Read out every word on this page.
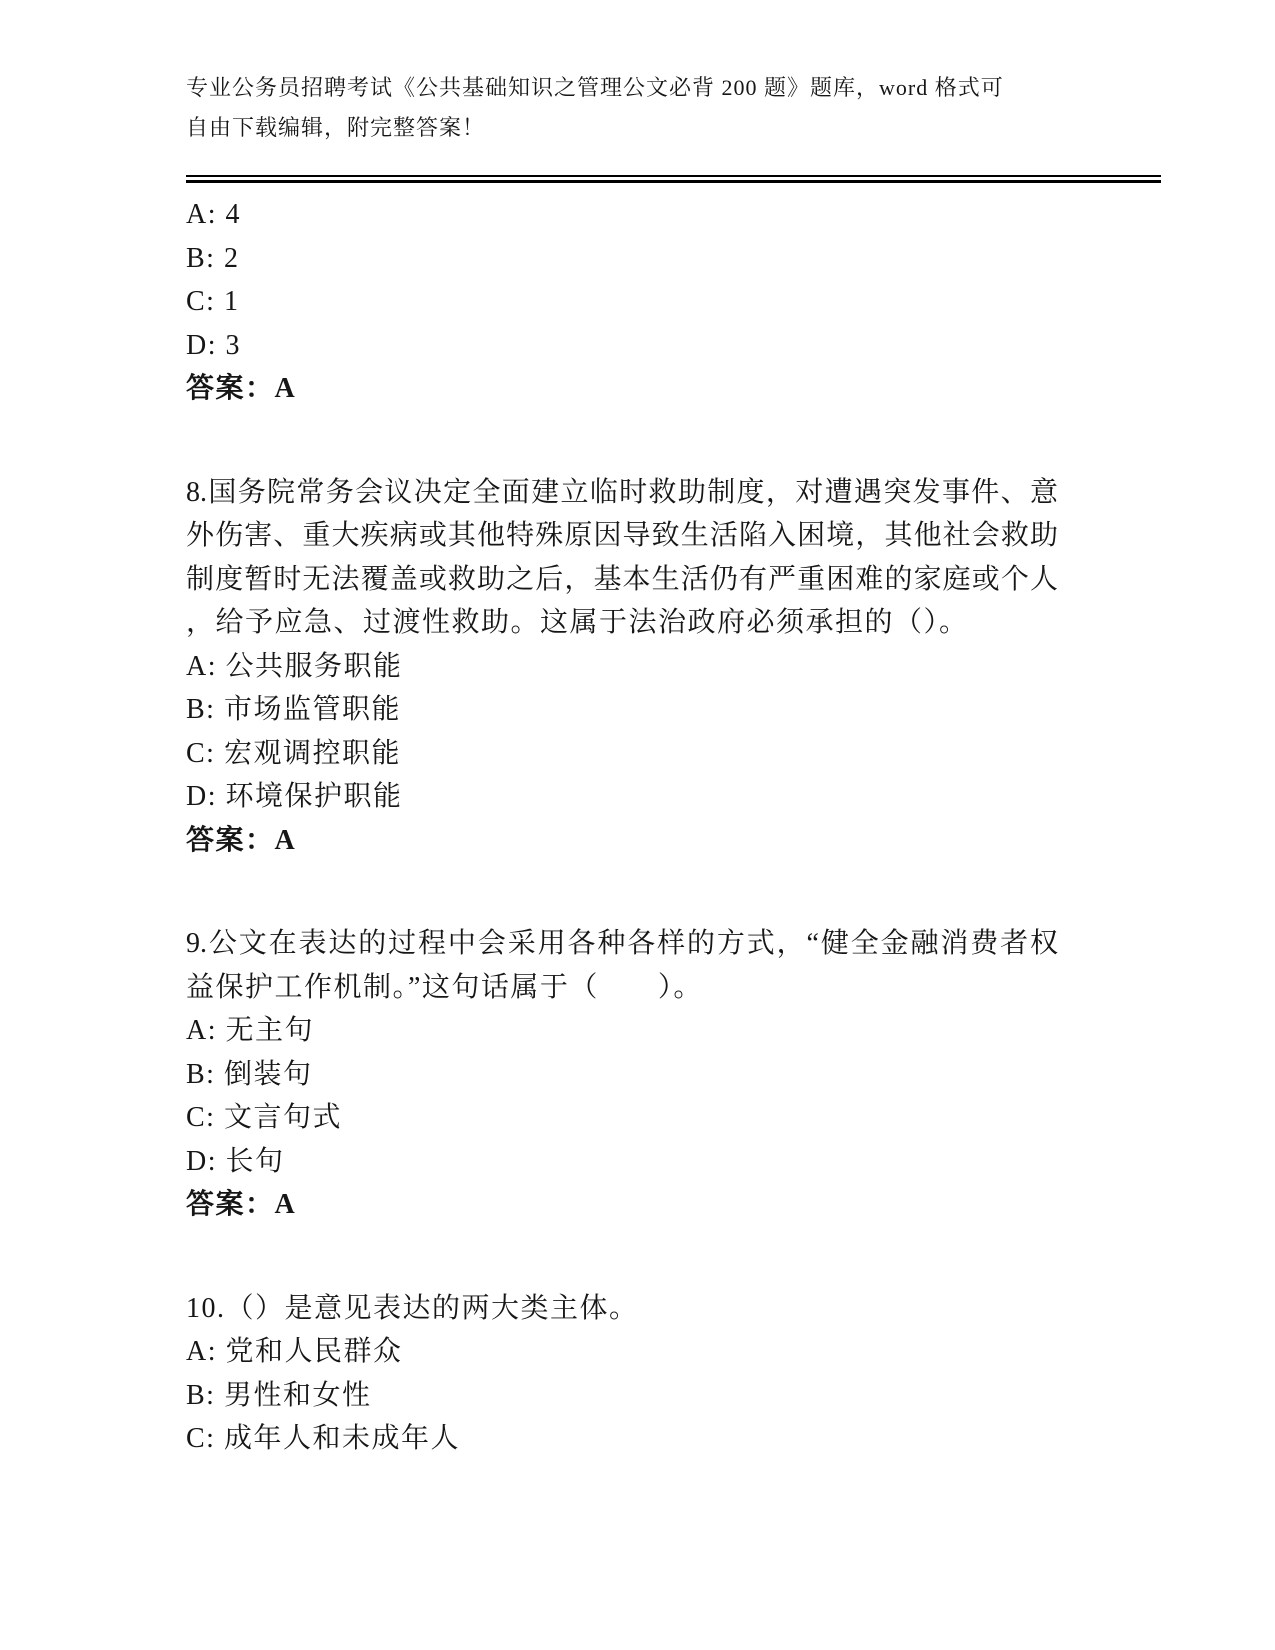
专业公务员招聘考试《公共基础知识之管理公文必背 200 题》题库，word 格式可
自由下载编辑，附完整答案！

A: 4

B: 2

C: 1

D: 3

答案：A

8.国务院常务会议决定全面建立临时救助制度，对遭遇突发事件、意

外伤害、重大疾病或其他特殊原因导致生活陷入困境，其他社会救助

制度暂时无法覆盖或救助之后，基本生活仍有严重困难的家庭或个人

，给予应急、过渡性救助。这属于法治政府必须承担的（）。

A: 公共服务职能

B: 市场监管职能

C: 宏观调控职能

D: 环境保护职能

答案：A

9.公文在表达的过程中会采用各种各样的方式，“健全金融消费者权

益保护工作机制。”这句话属于（　　）。

A: 无主句

B: 倒装句

C: 文言句式

D: 长句

答案：A

10.（）是意见表达的两大类主体。

A: 党和人民群众

B: 男性和女性

C: 成年人和未成年人
